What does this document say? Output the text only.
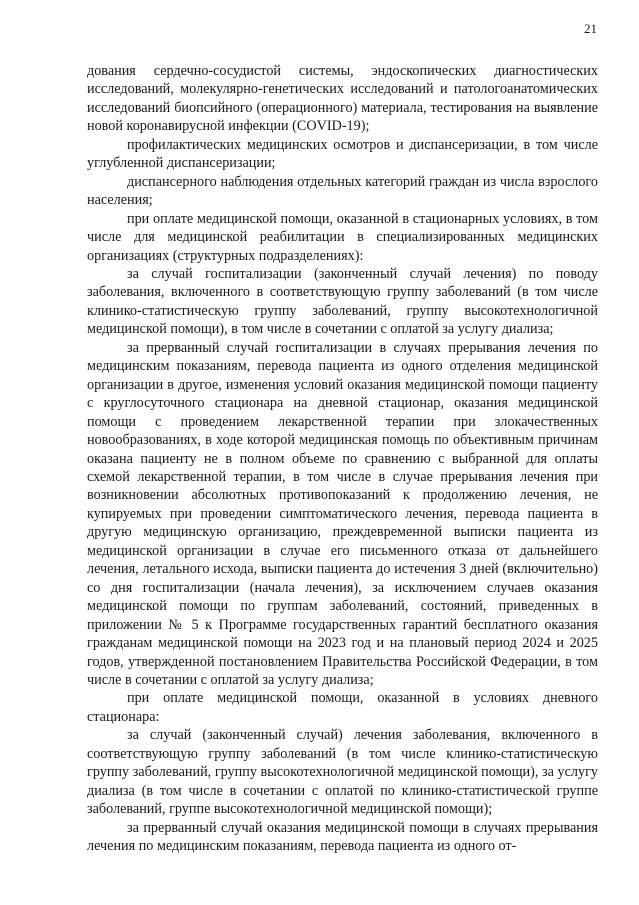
21

дования сердечно-сосудистой системы, эндоскопических диагностических исследований, молекулярно-генетических исследований и патологоанатомических исследований биопсийного (операционного) материала, тестирования на выявление новой коронавирусной инфекции (COVID-19);

профилактических медицинских осмотров и диспансеризации, в том числе углубленной диспансеризации;

диспансерного наблюдения отдельных категорий граждан из числа взрослого населения;

при оплате медицинской помощи, оказанной в стационарных условиях, в том числе для медицинской реабилитации в специализированных медицинских организациях (структурных подразделениях):

за случай госпитализации (законченный случай лечения) по поводу заболевания, включенного в соответствующую группу заболеваний (в том числе клинико-статистическую группу заболеваний, группу высокотехнологичной медицинской помощи), в том числе в сочетании с оплатой за услугу диализа;

за прерванный случай госпитализации в случаях прерывания лечения по медицинским показаниям, перевода пациента из одного отделения медицинской организации в другое, изменения условий оказания медицинской помощи пациенту с круглосуточного стационара на дневной стационар, оказания медицинской помощи с проведением лекарственной терапии при злокачественных новообразованиях, в ходе которой медицинская помощь по объективным причинам оказана пациенту не в полном объеме по сравнению с выбранной для оплаты схемой лекарственной терапии, в том числе в случае прерывания лечения при возникновении абсолютных противопоказаний к продолжению лечения, не купируемых при проведении симптоматического лечения, перевода пациента в другую медицинскую организацию, преждевременной выписки пациента из медицинской организации в случае его письменного отказа от дальнейшего лечения, летального исхода, выписки пациента до истечения 3 дней (включительно) со дня госпитализации (начала лечения), за исключением случаев оказания медицинской помощи по группам заболеваний, состояний, приведенных в приложении № 5 к Программе государственных гарантий бесплатного оказания гражданам медицинской помощи на 2023 год и на плановый период 2024 и 2025 годов, утвержденной постановлением Правительства Российской Федерации, в том числе в сочетании с оплатой за услугу диализа;

при оплате медицинской помощи, оказанной в условиях дневного стационара:

за случай (законченный случай) лечения заболевания, включенного в соответствующую группу заболеваний (в том числе клинико-статистическую группу заболеваний, группу высокотехнологичной медицинской помощи), за услугу диализа (в том числе в сочетании с оплатой по клинико-статистической группе заболеваний, группе высокотехнологичной медицинской помощи);

за прерванный случай оказания медицинской помощи в случаях прерывания лечения по медицинским показаниям, перевода пациента из одного от-
